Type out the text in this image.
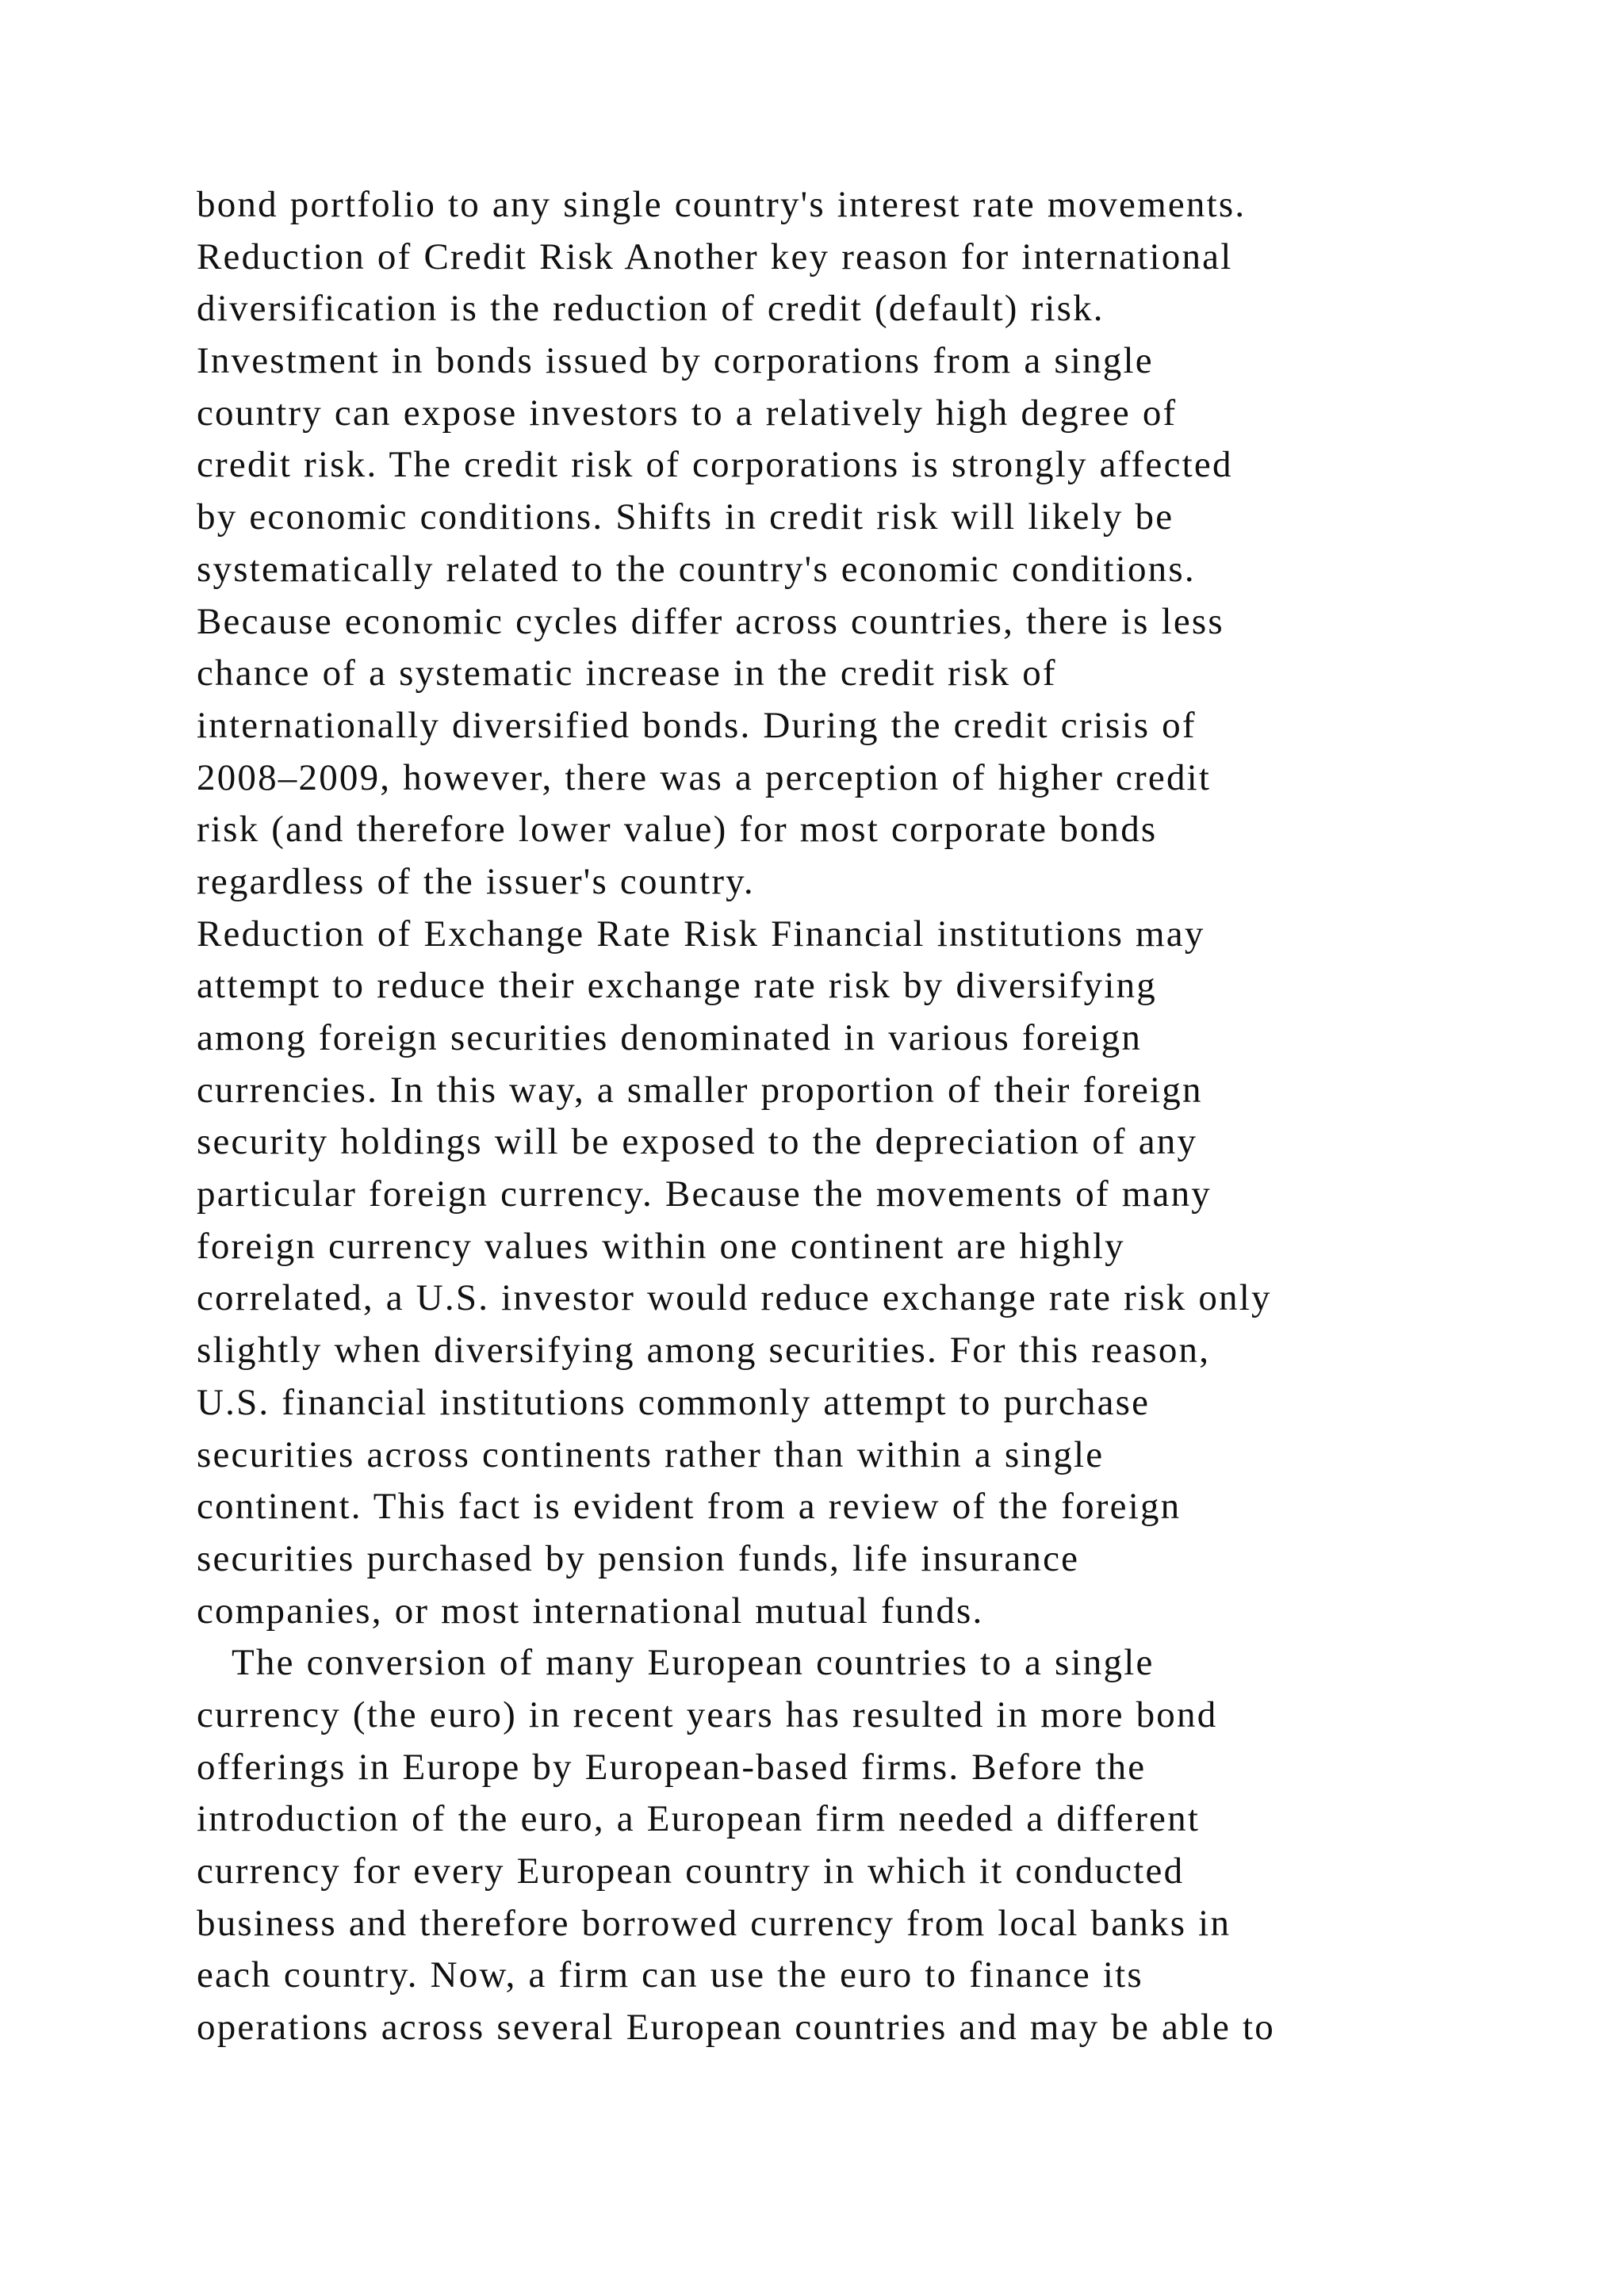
bond portfolio to any single country's interest rate movements.
Reduction of Credit Risk Another key reason for international
diversification is the reduction of credit (default) risk.
Investment in bonds issued by corporations from a single
country can expose investors to a relatively high degree of
credit risk. The credit risk of corporations is strongly affected
by economic conditions. Shifts in credit risk will likely be
systematically related to the country's economic conditions.
Because economic cycles differ across countries, there is less
chance of a systematic increase in the credit risk of
internationally diversified bonds. During the credit crisis of
2008–2009, however, there was a perception of higher credit
risk (and therefore lower value) for most corporate bonds
regardless of the issuer's country.
Reduction of Exchange Rate Risk Financial institutions may
attempt to reduce their exchange rate risk by diversifying
among foreign securities denominated in various foreign
currencies. In this way, a smaller proportion of their foreign
security holdings will be exposed to the depreciation of any
particular foreign currency. Because the movements of many
foreign currency values within one continent are highly
correlated, a U.S. investor would reduce exchange rate risk only
slightly when diversifying among securities. For this reason,
U.S. financial institutions commonly attempt to purchase
securities across continents rather than within a single
continent. This fact is evident from a review of the foreign
securities purchased by pension funds, life insurance
companies, or most international mutual funds.
The conversion of many European countries to a single
currency (the euro) in recent years has resulted in more bond
offerings in Europe by European-based firms. Before the
introduction of the euro, a European firm needed a different
currency for every European country in which it conducted
business and therefore borrowed currency from local banks in
each country. Now, a firm can use the euro to finance its
operations across several European countries and may be able to
